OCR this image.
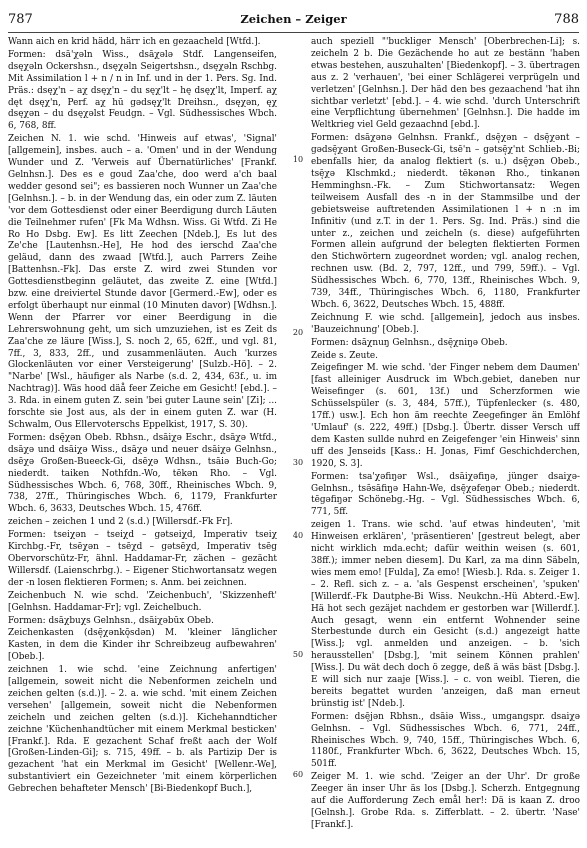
787	Zeichen – Zeiger	788

Wann aich en krid hädd, härr ich en gezaacheld [Wtfd.].

Formen: dsā'χəln Wiss., dsāχələ Stdf. Langenseifen, dsęχəln Ockershsn., dsęχəln Seigertshsn., dsęχəln Rschbg. Mit Assimilation l + n / n in Inf. und in der 1. Pers. Sg. Ind. Präs.: dsęχ'n – aχ dsęχ'n – du sęχ'lt – hę dsęχ'lt, Imperf. aχ dęt dsęχ'n, Perf. aχ hū gədsęχ'lt Dreihsn., dsęχən, ęχ dsęχən – du dsęχəlst Feudgn. – Vgl. Südhessisches Wbch. 6, 768, 8ff.

Zeichen N. 1. wie schd. 'Hinweis auf etwas', 'Signal' [allgemein], insbes. auch – a. 'Omen' und in der Wendung Wunder und Z. 'Verweis auf Übernatürliches' [Frankf. Gelnhsn.]. Des es e goud Zaa'che, doo werd a'ch baal wedder gesond sei"; es bassieren noch Wunner un Zaa'che [Gelnhsn.]. – b. in der Wendung das, ein oder zum Z. läuten 'vor dem Gottesdienst oder einer Beerdigung durch Läuten die Teilnehmer rufen' [Fk Ma Wdhsn. Wiss. Gi Wtfd. Zi He Ro Ho Dsbg. Ew]. Es litt Zeechen [Ndeb.], Es lut des Ze'che [Lautenhsn.-He], He hod des ierschd Zaa'che geläud, dann des zwaad [Wtfd.], auch Parrers Zeihe [Battenhsn.-Fk]. Das erste Z. wird zwei Stunden vor Gottesdienstbeginn geläutet, das zweite Z. eine [Wtfd.] bzw. eine dreiviertel Stunde davor [Germerd.-Ew], oder es erfolgt überhaupt nur einmal (10 Minuten davor) [Wdhsn.]. Wenn der Pfarrer vor einer Beerdigung in die Lehrerswohnung geht, um sich umzuziehen, ist es Zeit ds Zaa'che ze läure [Wiss.], S. noch 2, 65, 62ff., und vgl. 81, 7ff., 3, 833, 2ff., und zusammenläuten. Auch 'kurzes Glockenläuten vor einer Versteigerung' [Sulzb.-Hö]. – 2. "Narbe' [Wsl., häufiger als Narbe (s.d. 2, 434, 63f., u. im Nachtrag)]. Wäs hood däå feer Zeiche em Gesicht! [ebd.]. – 3. Rda. in einem guten Z. sein 'bei guter Laune sein' [Zi]; ... forschte sie Jost aus, als der in einem guten Z. war (H. Schwalm, Ous Ellervoterschs Eppelkist, 1917, S. 30).

Formen: dsę̄χən Obeb. Rbhsn., dsāiχə Eschr., dsāχə Wtfd., dsāχə und dsāiχə Wiss., dsāχə und neuer dsāiχə Gelnhsn., dsēχə Großen-Bueeck-Gi, dsēχə Wdhsn., tsāiə Buch-Go; niederdt. taiken Nothfdn.-Wo, tēkən Rho. – Vgl. Südhessisches Wbch. 6, 768, 30ff., Rheinisches Wbch. 9, 738, 27ff., Thüringisches Wbch. 6, 1179, Frankfurter Wbch. 6, 3633, Deutsches Wbch. 15, 476ff.

zeichen – zeichen 1 und 2 (s.d.) [Willersdf.-Fk Fr].

Formen: tseiχən – tseiχd – gətseiχd, Imperativ tseiχ Kirchbg.-Fr, tsēχən – tsēχd – gətsēχd, Imperativ tsēg Obervorschütz-Fr, ähnl. Haddamar-Fr, zächen – gezächt Willersdf. (Laienschrbg.). – Eigener Stichwortansatz wegen der -n losen flektieren Formen; s. Anm. bei zeichnen.

Zeichenbuch N. wie schd. 'Zeichenbuch', 'Skizzenheft' [Gelnhsn. Haddamar-Fr]; vgl. Zeichelbuch.

Formen: dsāχbuχs Gelnhsn., dsāiχəbūx Obeb.

Zeichenkasten (dsē̜χənkō̜sdən) M. 'kleiner länglicher Kasten, in dem die Kinder ihr Schreibzeug aufbewahren' [Obeb.].

zeichnen 1. wie schd. 'eine Zeichnung anfertigen' [allgemein, soweit nicht die Nebenformen zeicheln und zeichen gelten (s.d.)]. – 2. a. wie schd. 'mit einem Zeichen versehen' [allgemein, soweit nicht die Nebenformen zeicheln und zeichen gelten (s.d.)]. Kichehanndticher zeichne 'Küchenhandtücher mit einem Merkmal besticken' [Frankf.]. Rda. E gezachent Schaf freßt aach der Wolf [Großen-Linden-Gi]; s. 715, 49ff. – b. als Partizip Der is gezachent 'hat ein Merkmal im Gesicht' [Wellenr.-We], substantiviert ein Gezeichneter 'mit einem körperlichen Gebrechen behafteter Mensch' [Bi-Biedenkopf Buch.],

10
20
30
40
50
60

auch speziell "'buckliger Mensch' [Oberbrechen-Li]; s. zeicheln 2 b. Die Gezächende ho aut ze bestänn 'haben etwas bestehen, auszuhalten' [Biedenkopf]. – 3. übertragen aus z. 2 'verhauen', 'bei einer Schlägerei verprügeln und verletzen' [Gelnhsn.]. Der häd den bes gezaachend 'hat ihn sichtbar verletzt' [ebd.]. – 4. wie schd. 'durch Unterschrift eine Verpflichtung übernehmen' [Gelnhsn.]. Die hadde im Weltkrieg viel Geld gezaachnd [ebd.].

Formen: dsāχənə Gelnhsn. Frankf., dsē̜χən – dsē̜χənt – gədsē̜χənt Großen-Buseck-Gi, tsē'n – gətsē̜χ'nt Schlieb.-Bi; ebenfalls hier, da analog flektiert (s. u.) dsē̜χən Obeb., tsē̜χə Klschmkd.; niederdt. tēkənən Rho., tinkanən Hemminghsn.-Fk. – Zum Stichwortansatz: Wegen teilweisem Ausfall des -n in der Stammsilbe und der gebietsweise auftretenden Assimilationen l + n :n im Infinitiv (und z.T. in der 1. Pers. Sg. Ind. Präs.) sind die unter z., zeichen und zeicheln (s. diese) aufgeführten Formen allein aufgrund der belegten flektierten Formen den Stichwörtern zugeordnet worden; vgl. analog rechen, rechnen usw. (Bd. 2, 797, 12ff., und 799, 59ff.). – Vgl. Südhessisches Wbch. 6, 770, 13ff., Rheinisches Wbch. 9, 739, 34ff., Thüringisches Wbch. 6, 1180, Frankfurter Wbch. 6, 3622, Deutsches Wbch. 15, 488ff.

Zeichnung F. wie schd. [allgemein], jedoch aus insbes. 'Bauzeichnung' [Obeb.].

Formen: dsāχnuŋ Gelnhsn., dsē̜χniŋə Obeb.

Zeide s. Zeute.

Zeigefinger M. wie schd. 'der Finger nebem dem Daumen' [fast alleiniger Ausdruck im Wbch.gebiet, daneben nur Weisefinger (s. 601, 13f.) und Scherzformen wie Schüsselspüler (s. 3, 484, 57ff.), Tüpfenlecker (s. 480, 17ff.) usw.]. Ech hon äm reechte Zeegefinger än Emlöhf 'Umlauf' (s. 222, 49ff.) [Dsbg.]. Übertr. disser Versch uff dem Kasten sullde nuhrd en Zeigefenger 'ein Hinweis' sinn uff des Jenseids [Kass.: H. Jonas, Fimf Geschichderchen, 1920, S. 3].

Formen: tsa'χəfiŋər Wsl., dsāiχəfiŋə, jünger dsaiχə-Gelnhsn., tsə̄sāfiŋə Hahn-We, dsē̜χəfeŋər Obeb.; niederdt. tēgəfiŋər Schönebg.-Hg. – Vgl. Südhessisches Wbch. 6, 771, 5ff.

zeigen 1. Trans. wie schd. 'auf etwas hindeuten', 'mit Hinweisen erklären', 'präsentieren' [gestreut belegt, aber nicht wirklich mda.echt; dafür weithin weisen (s. 601, 38ff.); immer neben diesem]. Du Karl, za ma dinn Säbeln, wies mem emo! [Fulda], Za emo! [Wiesb.]. Rda. s. Zeiger 1. – 2. Refl. sich z. – a. 'als Gespenst erscheinen', 'spuken' [Willerdf.-Fk Dautphe-Bi Wiss. Neukchn.-Hü Abterd.-Ew]. Hä hot sech gezäjet nachdem er gestorben war [Willerdf.]. Auch gesagt, wenn ein entfernt Wohnender seine Sterbestunde durch ein Gesicht (s.d.) angezeigt hatte [Wiss.]; vgl. anmelden und anzeigen. – b. 'sich herausstellen' [Dsbg.], 'mit seinem Können prahlen' [Wiss.]. Du wät dech doch ö zegge, deß ä wäs bäst [Dsbg.]. E will sich nur zaaje [Wiss.]. – c. von weibl. Tieren, die bereits begattet wurden 'anzeigen, daß man erneut brünstig ist' [Ndeb.].

Formen: dsē̜jən Rbhsn., dsāiə Wiss., umgangspr. dsaiχə Gelnhsn. – Vgl. Südhessisches Wbch. 6, 771, 24ff., Rheinisches Wbch. 9, 740, 15ff., Thüringisches Wbch. 6, 1180f., Frankfurter Wbch. 6, 3622, Deutsches Wbch. 15, 501ff.

Zeiger M. 1. wie schd. 'Zeiger an der Uhr'. Dr große Zeeger än inser Uhr äs los [Dsbg.]. Scherzh. Entgegnung auf die Aufforderung Zech emål her!: Dä is kaan Z. droo [Gelnsh.]. Grobe Rda. s. Zifferblatt. – 2. übertr. 'Nase' [Frankf.].
